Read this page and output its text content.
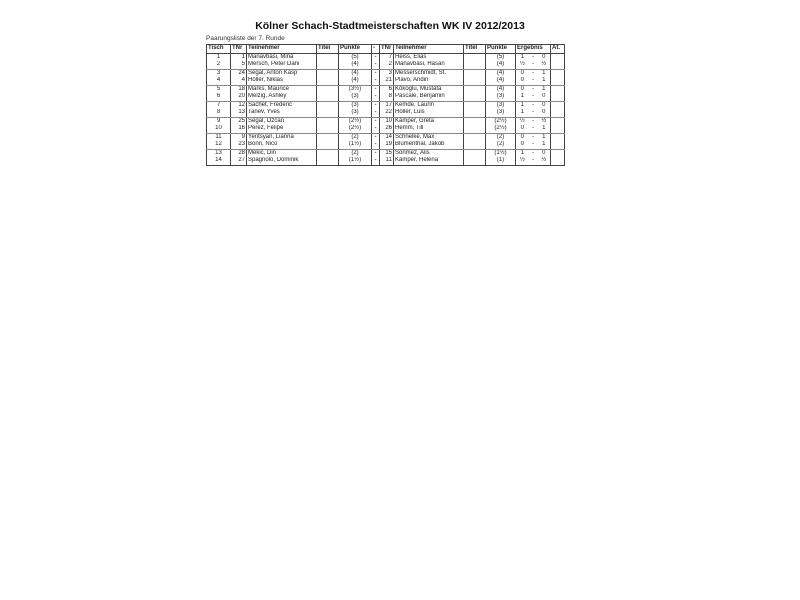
Kölner Schach-Stadtmeisterschaften WK IV 2012/2013
Paarungsliste der 7. Runde
Tisch	TNr	Teilnehmer	Titel	Punkte	-	TNr	Teilnehmer	Titel	Punkte	Ergebnis			At.
1	1	Manavbasi, Mina		(5)	-	7	Heiss, Elias		(5)	1	-	0	
2	5	Mersch, Peter Dani		(4)	-	2	Manavbasi, Hasan		(4)	½	-	½	
3	24	Segal, Anton Kasp		(4)	-	3	Messerschmidt, St.		(4)	0	-	1	
4	4	Höller, Niklas		(4)	-	21	Plavo, Andin		(4)	0	-	1	
5	18	Marks, Maurice		(3½)	-	6	Kökoglu, Mustafa		(4)	0	-	1	
6	20	Melzig, Ashley		(3)	-	8	Pascale, Benjamin		(3)	1	-	0	
7	12	Sachet, Frederic		(3)	-	17	Kemde, Laurin		(3)	1	-	0	
8	13	Tanev, Yves		(3)	-	22	Höller, Luis		(3)	1	-	0	
9	25	Segal, Ozcan		(2½)	-	10	Kämper, Greta		(2½)	½	-	½	
10	16	Perez, Felipe		(2½)	-	26	Hemm, Till		(2½)	0	-	1	
11	9	Yeritsyan, Lianna		(2)	-	14	Schnelke, Max		(2)	0	-	1	
12	23	Bonn, Nico		(1½)	-	19	Blumenthal, Jakob		(2)	0	-	1	
13	28	Mekic, Din		(2)	-	15	Sönmez, Alis		(1½)	1	-	0	
14	27	Spagnolo, Dominik		(1½)	-	11	Kämper, Helena		(1)	½	-	½	
